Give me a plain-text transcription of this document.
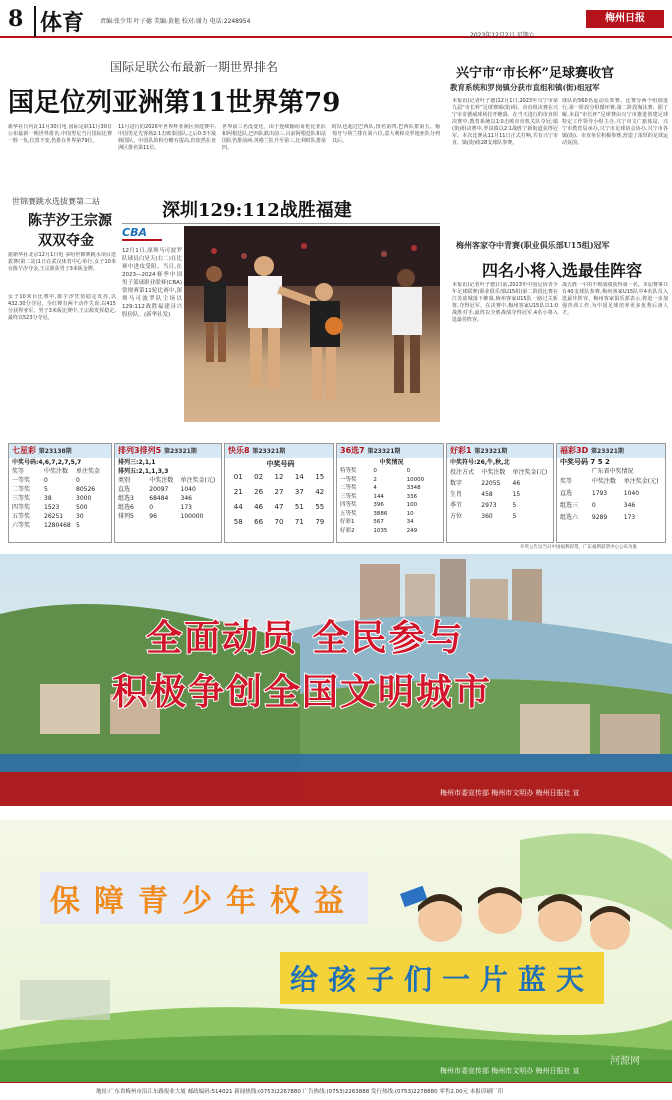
8 体育	责编:张少邦 叶子德 美编:黄艳 校对:谢力 电话:2248954	梅州日报
2023年12月2日 星期六
国际足联公布最新一期世界排名
国足位列亚洲第11世界第79
新华社日内瓦11月30日电 国际足联11月30日公布最新一期世界排名,中国男足当月国际比赛一胜一负,位置不变,仍排在世界第79位。
11月进行的2026年世界杯亚洲区预选赛中,中国男足先客场2:1击败泰国队,之后0:3不敌韩国队。中国队的积分略有提高,但依然在亚洲区排名第11位。
世界前三名没变化。由于连续输给哥伦比亚队和阿根廷队,巴西队跌出前三,目前阿根廷队和法国队仍排前两,英格兰队升至第三,比利时队排第四。
时队也超过巴西队,排名第四,巴西队排第五。葡萄牙与荷兰排在第六位,意大利和克罗地亚队分列其后。
世锦赛跳水选拔赛第二站
陈芋汐王宗源
双双夺金
据新华社北京12月1日电 多哈世锦赛跳水项目选拔赛(第二站)1日在武汉体育中心举行,女子10米台陈芋汐夺金,王宗源获男子3米板金牌。
女子10米台比赛中,陈芋汐凭借稳定发挥,以432.30分夺冠。全红婵有两个动作失误,以415分获得亚军。男子3米板比赛中,王宗源发挥稳定,最终以523分夺冠。
深圳129:112战胜福建
CBA
12月1日,深圳马可波罗队球员白昊天(右二)在比赛中进攻受阻。当日,在2023—2024赛季中国男子篮球职业联赛(CBA)常规赛第11轮比赛中,深圳马可波罗队主场以129:112战胜福建浔兴股份队。(新华社发)
兴宁市“市长杯”足球赛收官
教育系统和罗岗镇分获市直组和镇(街)组冠军
本报讯(记者叶子德)12月1日,2023年兴宁市第九届“市长杯”足球赛镇(街)组、市直组决赛在兴宁市奇德威球场拉开帷幕。在当天进行的市直组决赛中,教育系统以1:0击败市直机关队夺冠;镇(街)组决赛中,罗岗镇以2:1战胜宁新街道获得冠军。本次比赛从11月11日正式打响,共有兴宁市直、镇(街)组28支球队参赛。
球队的560名运动员参赛。比赛分两个组别进行,第一阶段分组循环赛,第二阶段淘汰赛。据了解,本届“市长杯”足球赛由兴宁市推进创建足球特定工作领导小组主办,兴宁市文广旅体局、兴宁市教育局承办,兴宁市足球协会协办,兴宁市各镇(街)、市直单位积极参赛,营造了浓厚的足球运动氛围。
梅州客家夺中青赛(职业俱乐部U15组)冠军
四名小将入选最佳阵容
本报讯(记者叶子德)日前,2023年中国足协青少年足球联赛(职业俱乐部U15组)第二阶段比赛在江苏盐城落下帷幕,梅州客家U15队一路过关斩将,夺得冠军。在决赛中,梅州客家U15队以1:0战胜对手,最终以全胜战绩夺得冠军,4名小将入选最佳阵容。
战五胜一平的不败战绩获得第一名。本届赛事共有40支球队参赛,梅州客家U15队中4名队员入选最佳阵容。梅州客家俱乐部表示,将进一步加强青训工作,为中国足球培养更多优秀后备人才。
七星彩 第23138期
中奖号码:4,6,7,2,7,5,7
奖等	中奖注数	单注奖金
一等奖	0	0
二等奖	5	80526
三等奖	38	3000
四等奖	1523	500
五等奖	26251	30
六等奖	1280468 5
排列3排列5 第23321期
排列三:2,1,1
排列五:2,1,1,3,3
类别	中奖注数	单注奖金(元)
直选	20097	1040
组选3	68484	346
组选6	0	173
排列5	96	100000
快乐8 第23321期
中奖号码
01	02	12	14	15
21	26	27	37	42
44	46	47	51	55
58	66	70	71	79
36选7 第23321期
中奖情况
特等奖	0	0
一等奖	2	10000
二等奖	4	3348
三等奖	144	336
四等奖	396	100
五等奖	3886	10
好彩1	567	34
好彩2	1035	249
好彩1 第23321期
中奖符号:26,牛,秋,北
投注方式	中奖注数	单注奖金(元)
数字	22055	46
生肖	458	15
季节	2973	5
方位	360	5
福彩3D 第23321期
中奖号码 7 5 2
广东省中奖情况
奖等	中奖注数	单注奖金(元)
直选	1793	1040
组选三	0	346
组选六	9289	173
开奖公告以当日中国福利彩票、广东福利彩票中心公布为准
全面动员 全民参与
积极争创全国文明城市
梅州市委宣传部 梅州市文明办 梅州日报社 宣
保障青少年权益
给孩子们一片蓝天
梅州市委宣传部 梅州市文明办 梅州日报社 宣
河源网
地址:广东省梅州市沿江东路报业大厦 邮政编码:514021 新闻热线:(0753)2267880 广告热线:(0753)2263888 发行热线:(0753)2278880 零售2.00元 本报印刷厂印
